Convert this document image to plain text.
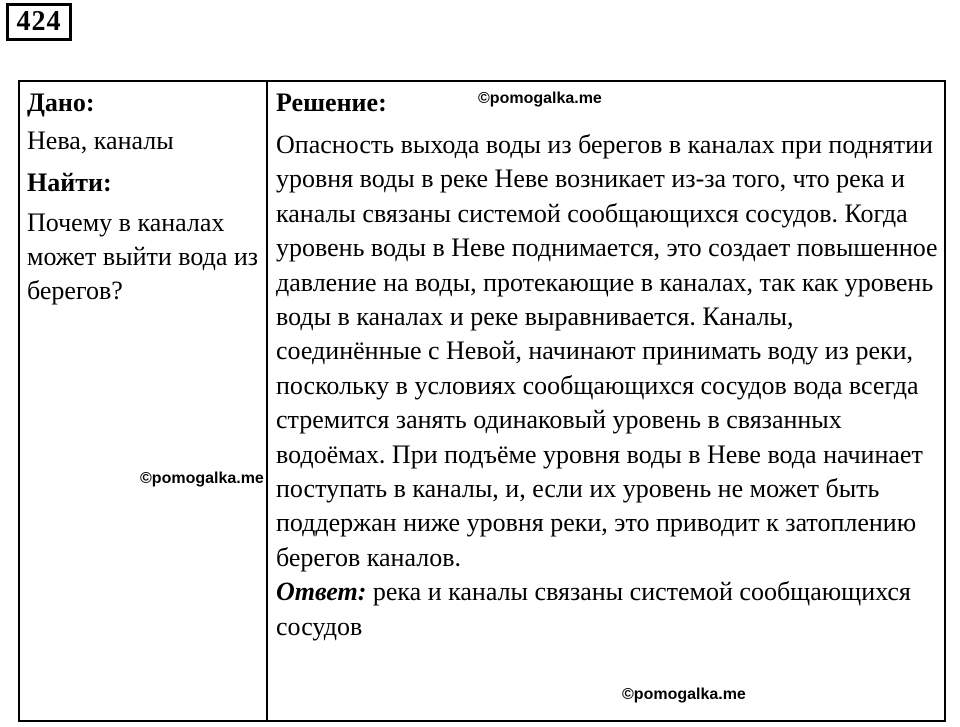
424
Дано:
Нева, каналы
Найти:
Почему в каналах может выйти вода из берегов?
Решение:
Опасность выхода воды из берегов в каналах при поднятии уровня воды в реке Неве возникает из-за того, что река и каналы связаны системой сообщающихся сосудов. Когда уровень воды в Неве поднимается, это создает повышенное давление на воды, протекающие в каналах, так как уровень воды в каналах и реке выравнивается. Каналы, соединённые с Невой, начинают принимать воду из реки, поскольку в условиях сообщающихся сосудов вода всегда стремится занять одинаковый уровень в связанных водоёмах. При подъёме уровня воды в Неве вода начинает поступать в каналы, и, если их уровень не может быть поддержан ниже уровня реки, это приводит к затоплению берегов каналов.
Ответ: река и каналы связаны системой сообщающихся сосудов
©pomogalka.me
©pomogalka.me
©pomogalka.me
